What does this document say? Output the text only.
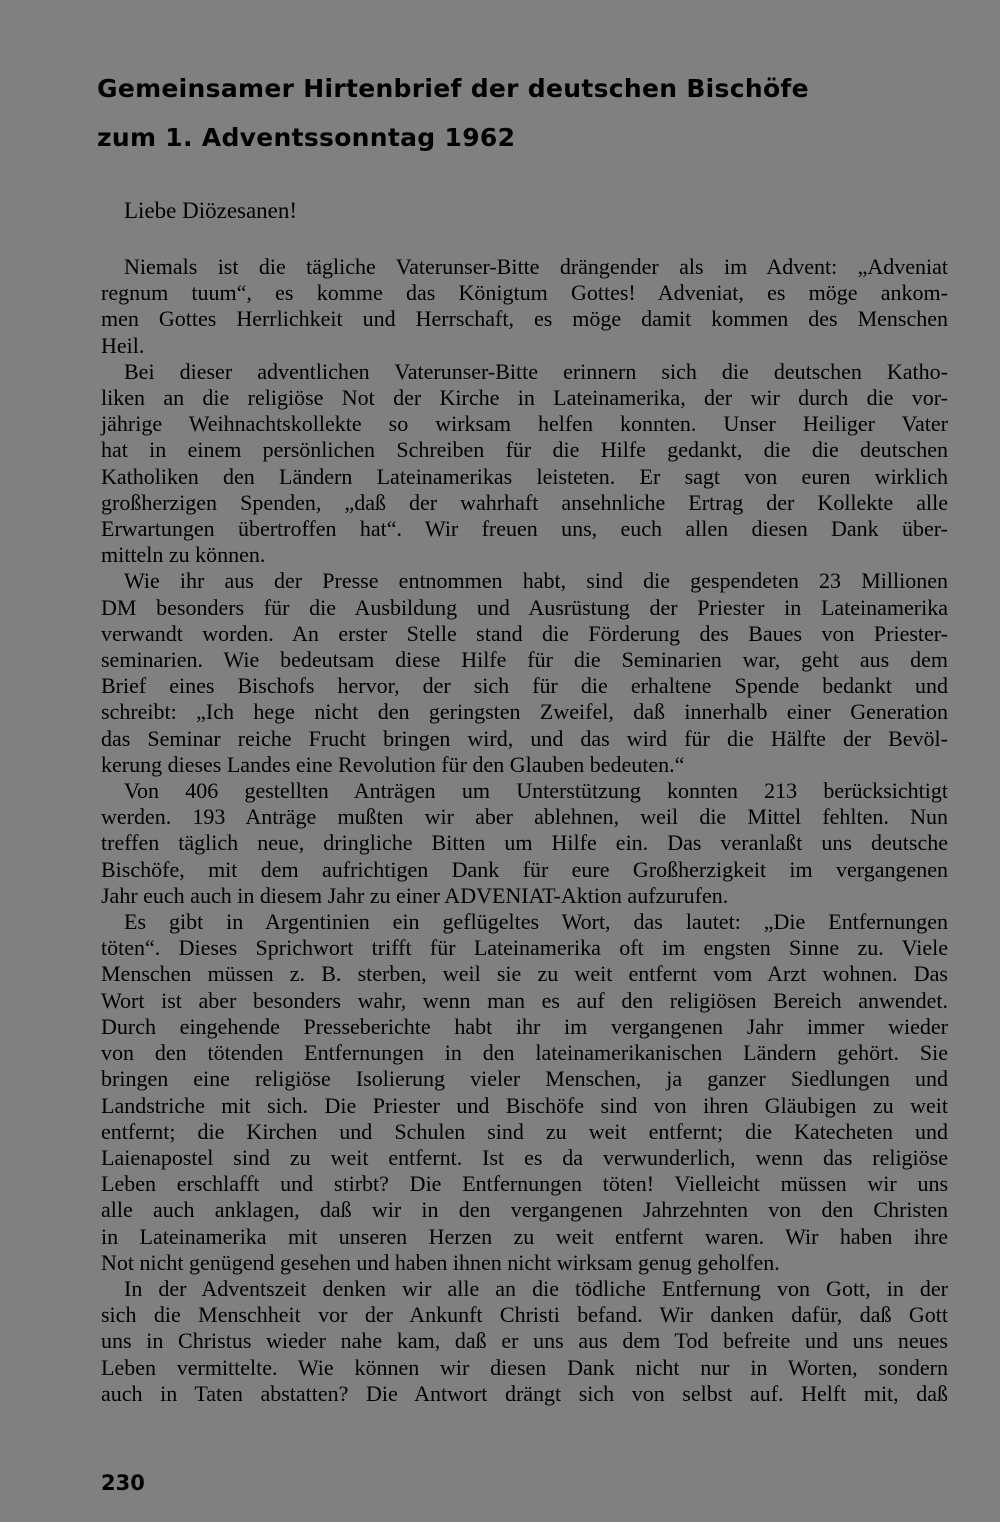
Gemeinsamer Hirtenbrief der deutschen Bischöfe
zum 1. Adventssonntag 1962

Liebe Diözesanen!

Niemals ist die tägliche Vaterunser-Bitte drängender als im Advent: „Adveniat
regnum tuum“, es komme das Königtum Gottes! Adveniat, es möge ankom-
men Gottes Herrlichkeit und Herrschaft, es möge damit kommen des Menschen
Heil.
Bei dieser adventlichen Vaterunser-Bitte erinnern sich die deutschen Katho-
liken an die religiöse Not der Kirche in Lateinamerika, der wir durch die vor-
jährige Weihnachtskollekte so wirksam helfen konnten. Unser Heiliger Vater
hat in einem persönlichen Schreiben für die Hilfe gedankt, die die deutschen
Katholiken den Ländern Lateinamerikas leisteten. Er sagt von euren wirklich
großherzigen Spenden, „daß der wahrhaft ansehnliche Ertrag der Kollekte alle
Erwartungen übertroffen hat“. Wir freuen uns, euch allen diesen Dank über-
mitteln zu können.
Wie ihr aus der Presse entnommen habt, sind die gespendeten 23 Millionen
DM besonders für die Ausbildung und Ausrüstung der Priester in Lateinamerika
verwandt worden. An erster Stelle stand die Förderung des Baues von Priester-
seminarien. Wie bedeutsam diese Hilfe für die Seminarien war, geht aus dem
Brief eines Bischofs hervor, der sich für die erhaltene Spende bedankt und
schreibt: „Ich hege nicht den geringsten Zweifel, daß innerhalb einer Generation
das Seminar reiche Frucht bringen wird, und das wird für die Hälfte der Bevöl-
kerung dieses Landes eine Revolution für den Glauben bedeuten.“
Von 406 gestellten Anträgen um Unterstützung konnten 213 berücksichtigt
werden. 193 Anträge mußten wir aber ablehnen, weil die Mittel fehlten. Nun
treffen täglich neue, dringliche Bitten um Hilfe ein. Das veranlaßt uns deutsche
Bischöfe, mit dem aufrichtigen Dank für eure Großherzigkeit im vergangenen
Jahr euch auch in diesem Jahr zu einer ADVENIAT-Aktion aufzurufen.
Es gibt in Argentinien ein geflügeltes Wort, das lautet: „Die Entfernungen
töten“. Dieses Sprichwort trifft für Lateinamerika oft im engsten Sinne zu. Viele
Menschen müssen z. B. sterben, weil sie zu weit entfernt vom Arzt wohnen. Das
Wort ist aber besonders wahr, wenn man es auf den religiösen Bereich anwendet.
Durch eingehende Presseberichte habt ihr im vergangenen Jahr immer wieder
von den tötenden Entfernungen in den lateinamerikanischen Ländern gehört. Sie
bringen eine religiöse Isolierung vieler Menschen, ja ganzer Siedlungen und
Landstriche mit sich. Die Priester und Bischöfe sind von ihren Gläubigen zu weit
entfernt; die Kirchen und Schulen sind zu weit entfernt; die Katecheten und
Laienapostel sind zu weit entfernt. Ist es da verwunderlich, wenn das religiöse
Leben erschlafft und stirbt? Die Entfernungen töten! Vielleicht müssen wir uns
alle auch anklagen, daß wir in den vergangenen Jahrzehnten von den Christen
in Lateinamerika mit unseren Herzen zu weit entfernt waren. Wir haben ihre
Not nicht genügend gesehen und haben ihnen nicht wirksam genug geholfen.
In der Adventszeit denken wir alle an die tödliche Entfernung von Gott, in der
sich die Menschheit vor der Ankunft Christi befand. Wir danken dafür, daß Gott
uns in Christus wieder nahe kam, daß er uns aus dem Tod befreite und uns neues
Leben vermittelte. Wie können wir diesen Dank nicht nur in Worten, sondern
auch in Taten abstatten? Die Antwort drängt sich von selbst auf. Helft mit, daß

230
